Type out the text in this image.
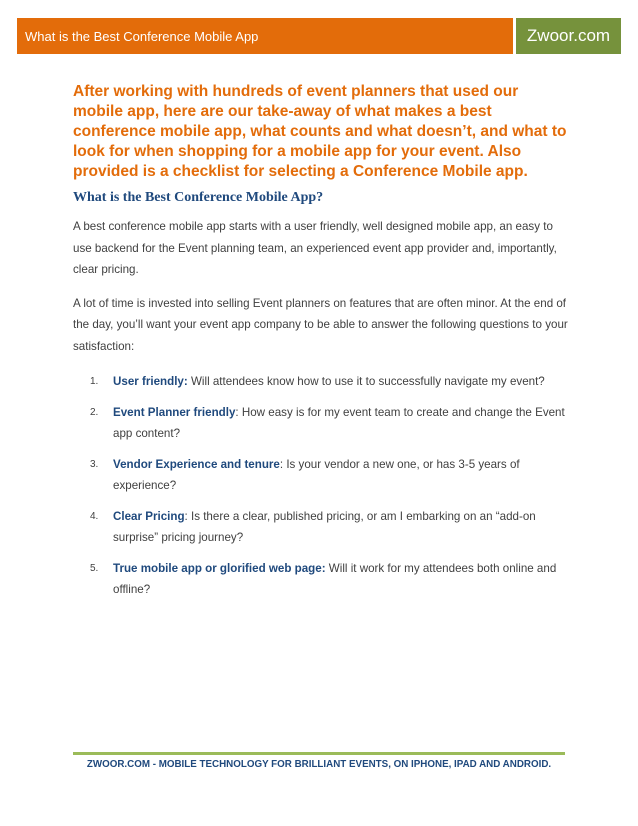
What is the Best Conference Mobile App	Zwoor.com

After working with hundreds of event planners that used our mobile app, here are our take-away of what makes a best conference mobile app, what counts and what doesn’t, and what to look for when shopping for a mobile app for your event. Also provided is a checklist for selecting a Conference Mobile app.

What is the Best Conference Mobile App?

A best conference mobile app starts with a user friendly, well designed mobile app, an easy to use backend for the Event planning team, an experienced event app provider and, importantly, clear pricing.

A lot of time is invested into selling Event planners on features that are often minor. At the end of the day, you’ll want your event app company to be able to answer the following questions to your satisfaction:

1.	User friendly: Will attendees know how to use it to successfully navigate my event?
2.	Event Planner friendly: How easy is for my event team to create and change the Event app content?
3.	Vendor Experience and tenure: Is your vendor a new one, or has 3-5 years of experience?
4.	Clear Pricing: Is there a clear, published pricing, or am I embarking on an “add-on surprise” pricing journey?
5.	True mobile app or glorified web page: Will it work for my attendees both online and offline?
ZWOOR.COM - MOBILE TECHNOLOGY FOR BRILLIANT EVENTS, ON IPHONE, IPAD AND ANDROID.
